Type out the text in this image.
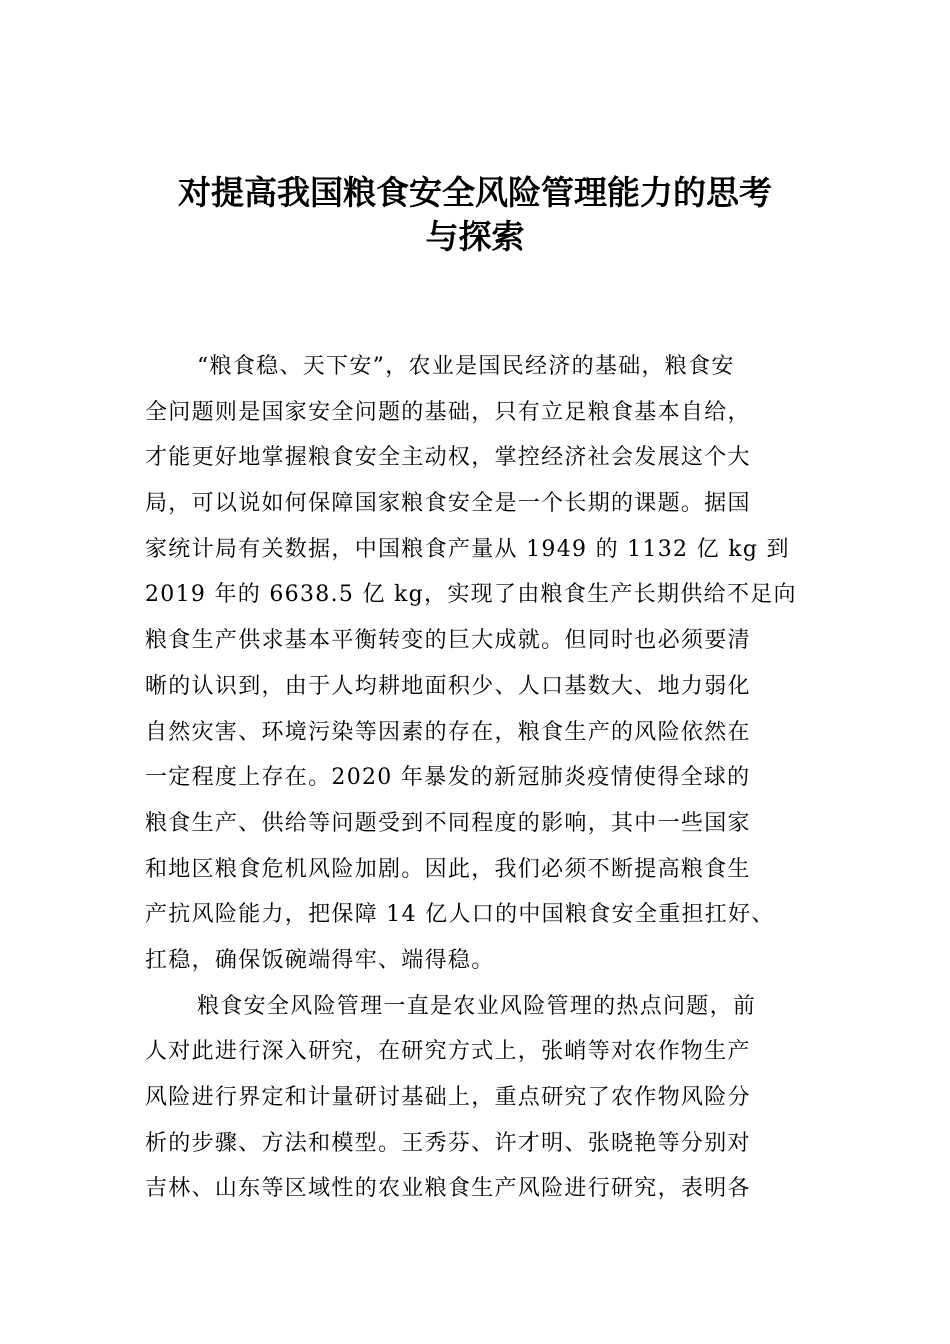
对提高我国粮食安全风险管理能力的思考
与探索
“粮食稳、天下安”，农业是国民经济的基础，粮食安
全问题则是国家安全问题的基础，只有立足粮食基本自给，
才能更好地掌握粮食安全主动权，掌控经济社会发展这个大
局，可以说如何保障国家粮食安全是一个长期的课题。据国
家统计局有关数据，中国粮食产量从 1949 的 1132 亿 kg 到
2019 年的 6638.5 亿 kg，实现了由粮食生产长期供给不足向
粮食生产供求基本平衡转变的巨大成就。但同时也必须要清
晰的认识到，由于人均耕地面积少、人口基数大、地力弱化
自然灾害、环境污染等因素的存在，粮食生产的风险依然在
一定程度上存在。2020 年暴发的新冠肺炎疫情使得全球的
粮食生产、供给等问题受到不同程度的影响，其中一些国家
和地区粮食危机风险加剧。因此，我们必须不断提高粮食生
产抗风险能力，把保障 14 亿人口的中国粮食安全重担扛好、
扛稳，确保饭碗端得牢、端得稳。
粮食安全风险管理一直是农业风险管理的热点问题，前
人对此进行深入研究，在研究方式上，张峭等对农作物生产
风险进行界定和计量研讨基础上，重点研究了农作物风险分
析的步骤、方法和模型。王秀芬、许才明、张晓艳等分别对
吉林、山东等区域性的农业粮食生产风险进行研究，表明各
